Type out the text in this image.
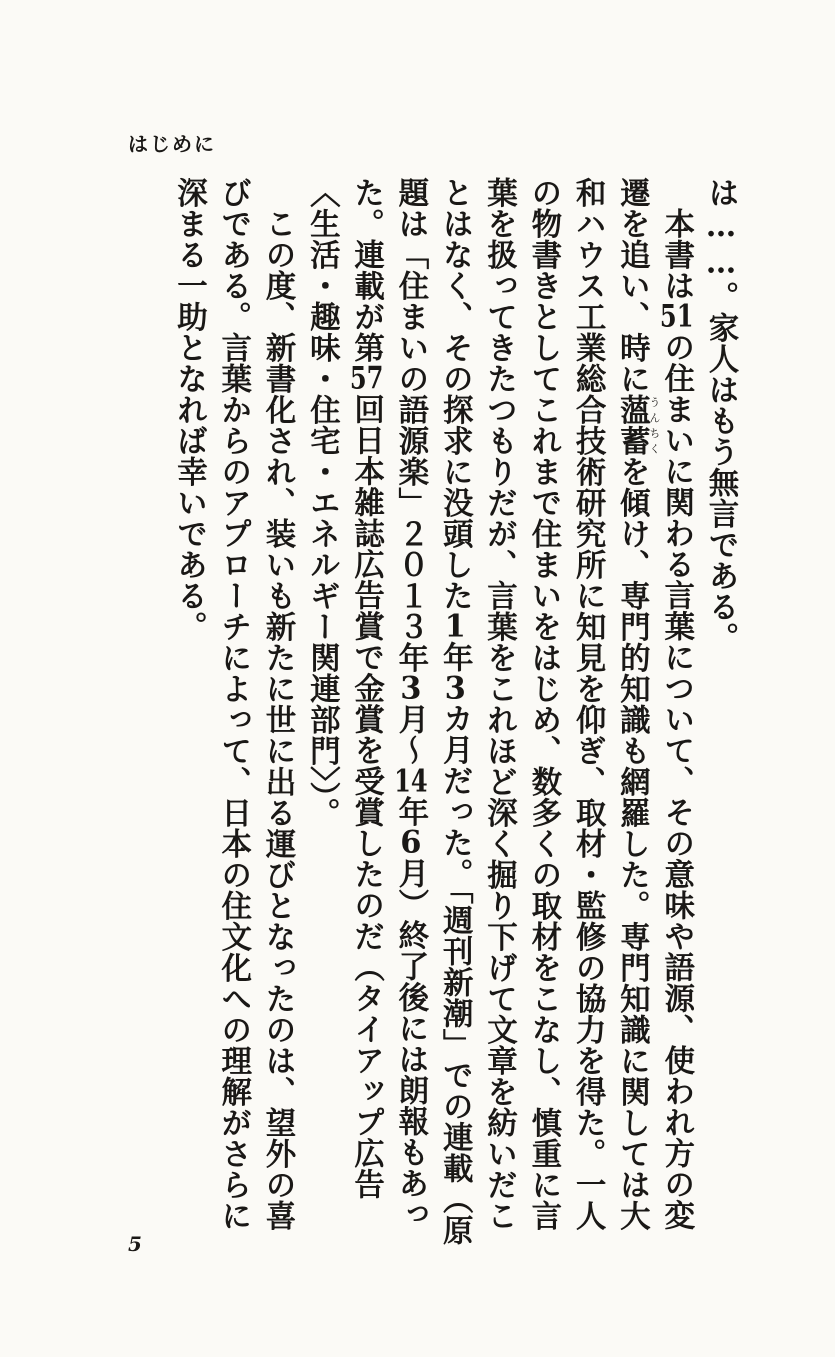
はじめに

は……。家人はもう無言である。

本書は51の住まいに関わる言葉について、その意味や語源、使われ方の変遷を追い、時に薀蓄うんちくを傾け、専門的知識も網羅した。専門知識に関しては大和ハウス工業総合技術研究所に知見を仰ぎ、取材・監修の協力を得た。一人の物書きとしてこれまで住まいをはじめ、数多くの取材をこなし、慎重に言葉を扱ってきたつもりだが、言葉をこれほど深く掘り下げて文章を紡いだことはなく、その探求に没頭した1年3カ月だった。「週刊新潮」での連載（原題は「住まいの語源楽」２０１３年3月～14年6月）終了後には朗報もあった。連載が第57回日本雑誌広告賞で金賞を受賞したのだ（タイアップ広告〈生活・趣味・住宅・エネルギー関連部門〉）。

この度、新書化され、装いも新たに世に出る運びとなったのは、望外の喜びである。言葉からのアプローチによって、日本の住文化への理解がさらに深まる一助となれば幸いである。

5
